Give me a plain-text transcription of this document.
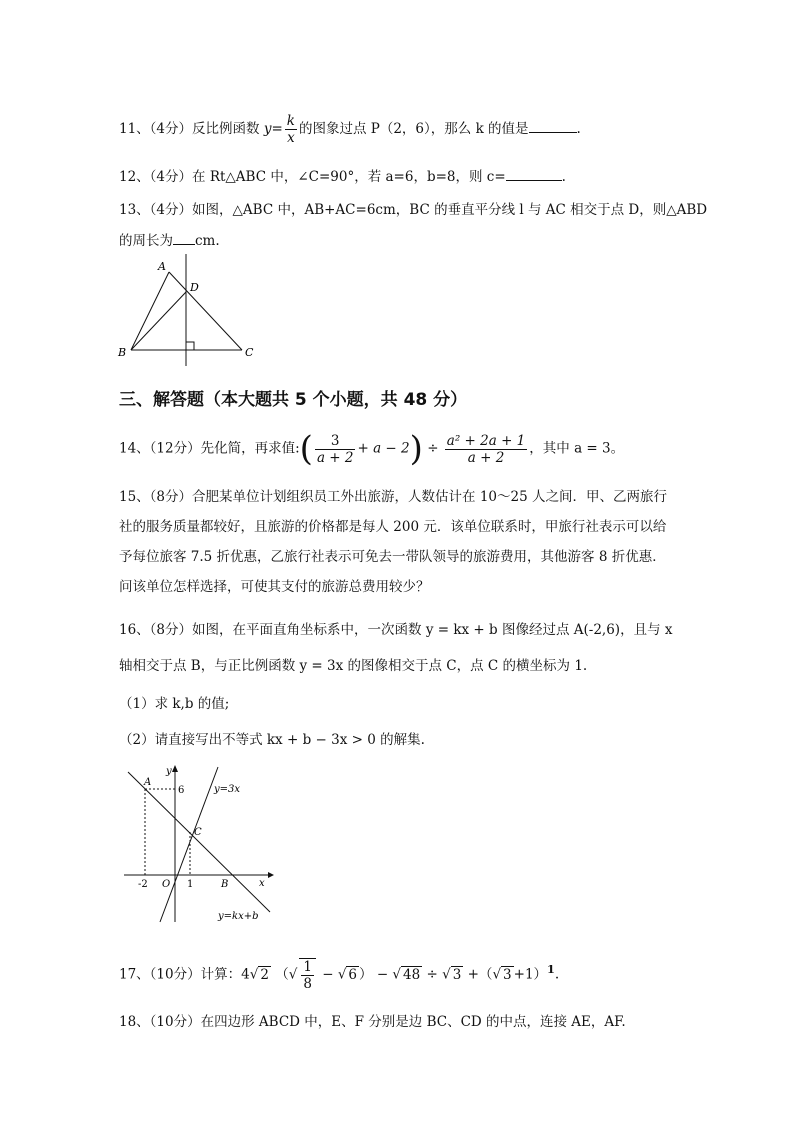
11、（4分）反比例函数 $y= \frac{k}{x}$ 的图象过点 P（2，6），那么 k 的值是	.
12、（4分）在 Rt△ABC 中，∠C=90°，若 a=6，b=8，则 c=	.
13、（4分）如图，△ABC 中，AB+AC=6cm，BC 的垂直平分线 l 与 AC 相交于点 D，则△ABD
的周长为 cm.
A
D
B	C
三、解答题（本大题共 5 个小题，共 48 分）
14、（12分）先化简，再求值:( $\frac{3}{a + 2} + a - 2) \div \frac{\text{a² + 2a + 1}}{a + 2}$ ，其中 a = 3。
15、（8分）合肥某单位计划组织员工外出旅游，人数估计在 10～25 人之间．甲、乙两旅行社的服务质量都较好，且旅游的价格都是每人 200 元．该单位联系时，甲旅行社表示可以给予每位旅客 7.5 折优惠，乙旅行社表示可免去一带队领导的旅游费用，其他游客 8 折优惠．问该单位怎样选择，可使其支付的旅游总费用较少？
16、（8分）如图，在平面直角坐标系中，一次函数 y = kx + b 图像经过点 A(-2,6)，且与 x
轴相交于点 B，与正比例函数 y = 3x 的图像相交于点 C，点 C 的横坐标为 1.
（1）求 k,b 的值;
（2）请直接写出不等式 kx + b − 3x > 0 的解集.
A
y
6	y=3x
C
-2 O 1	B	x
y=kx+b
17、（10分）计算：4√ 2 （√ $\frac{1}{8}$ − √ 6 ） − √ 48 ÷ √ 3 +（√ 3 +1）$^1$.
18、（10分）在四边形 ABCD 中，E、F 分别是边 BC、CD 的中点，连接 AE，AF.
